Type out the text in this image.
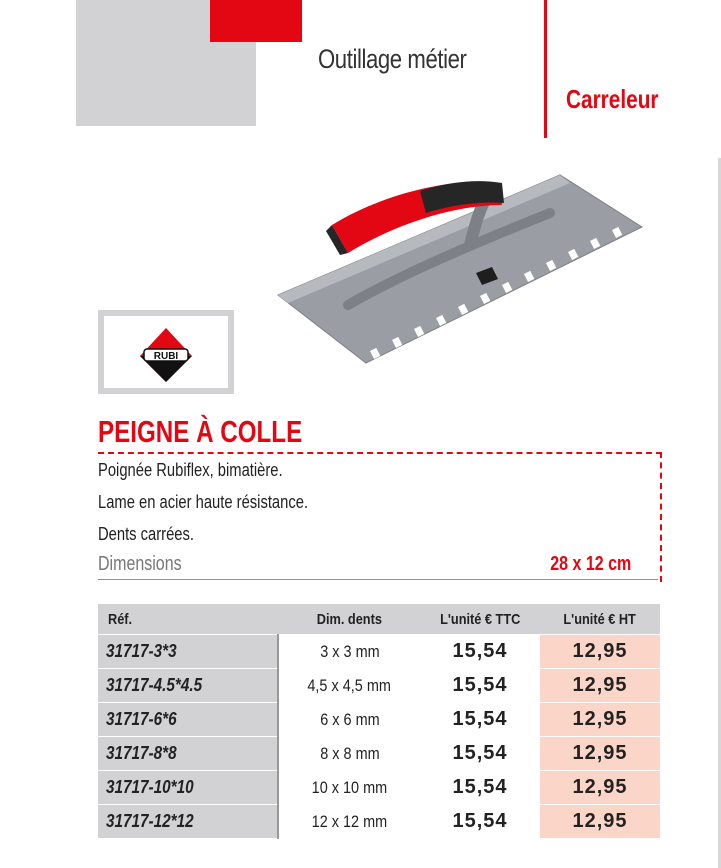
Outillage métier
Carreleur
RUBI
PEIGNE À COLLE
Poignée Rubiflex, bimatière.
Lame en acier haute résistance.
Dents carrées.
Dimensions	28 x 12 cm
Réf.	Dim. dents	L'unité € TTC	L'unité € HT
31717-3*3	3 x 3 mm	15,54	12,95
31717-4.5*4.5	4,5 x 4,5 mm	15,54	12,95
31717-6*6	6 x 6 mm	15,54	12,95
31717-8*8	8 x 8 mm	15,54	12,95
31717-10*10	10 x 10 mm	15,54	12,95
31717-12*12	12 x 12 mm	15,54	12,95
